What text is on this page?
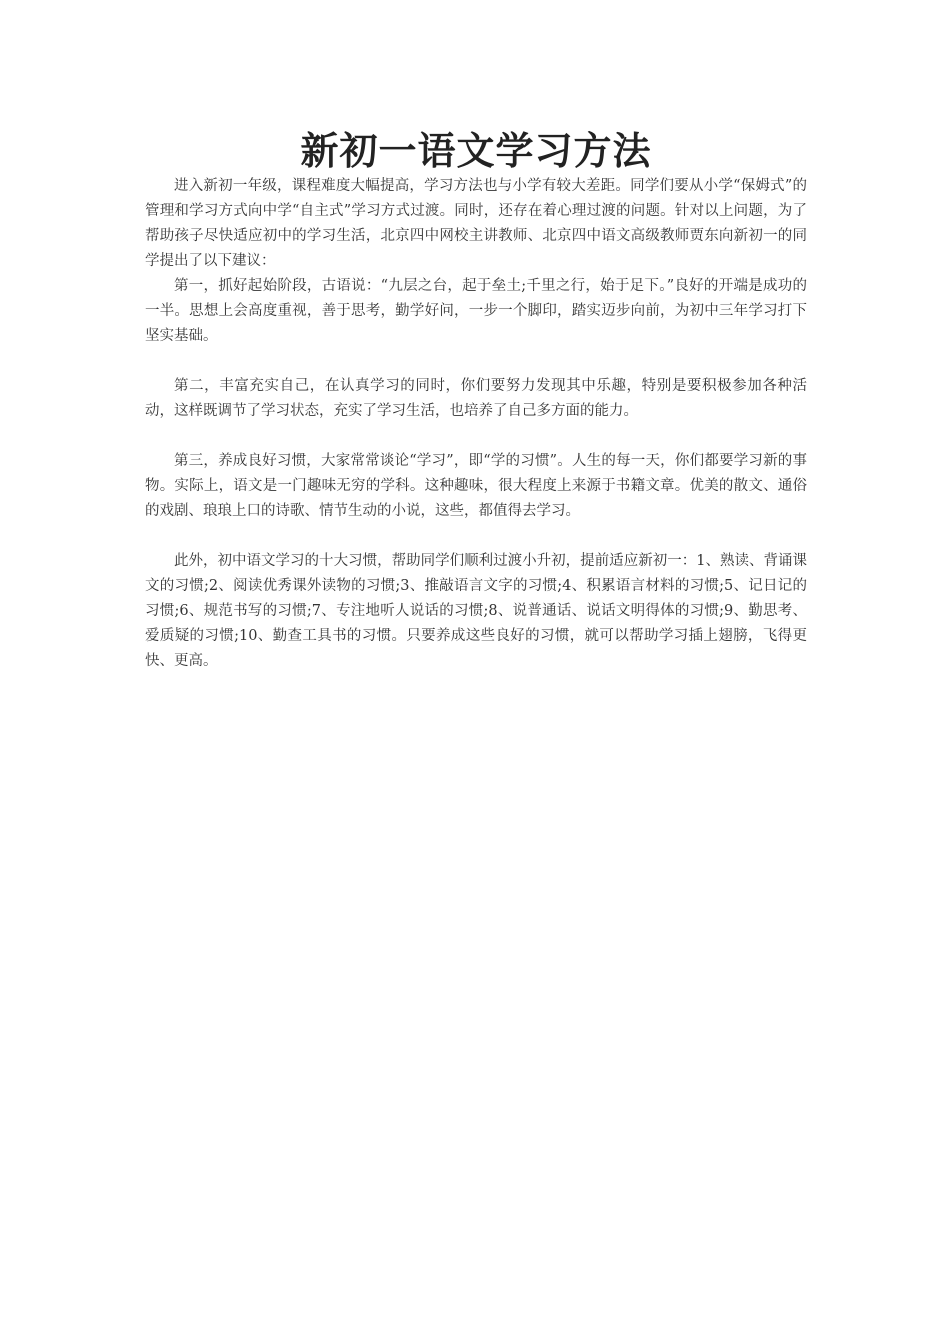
新初一语文学习方法

进入新初一年级，课程难度大幅提高，学习方法也与小学有较大差距。同学们要从小学“保姆式”的管理和学习方式向中学“自主式”学习方式过渡。同时，还存在着心理过渡的问题。针对以上问题，为了帮助孩子尽快适应初中的学习生活，北京四中网校主讲教师、北京四中语文高级教师贾东向新初一的同学提出了以下建议：

第一，抓好起始阶段，古语说：“九层之台，起于垒土;千里之行，始于足下。”良好的开端是成功的一半。思想上会高度重视，善于思考，勤学好问，一步一个脚印，踏实迈步向前，为初中三年学习打下坚实基础。

第二，丰富充实自己，在认真学习的同时，你们要努力发现其中乐趣，特别是要积极参加各种活动，这样既调节了学习状态，充实了学习生活，也培养了自己多方面的能力。

第三，养成良好习惯，大家常常谈论“学习”，即“学的习惯”。人生的每一天，你们都要学习新的事物。实际上，语文是一门趣味无穷的学科。这种趣味，很大程度上来源于书籍文章。优美的散文、通俗的戏剧、琅琅上口的诗歌、情节生动的小说，这些，都值得去学习。

此外，初中语文学习的十大习惯，帮助同学们顺利过渡小升初，提前适应新初一：1、熟读、背诵课文的习惯;2、阅读优秀课外读物的习惯;3、推敲语言文字的习惯;4、积累语言材料的习惯;5、记日记的习惯;6、规范书写的习惯;7、专注地听人说话的习惯;8、说普通话、说话文明得体的习惯;9、勤思考、爱质疑的习惯;10、勤查工具书的习惯。只要养成这些良好的习惯，就可以帮助学习插上翅膀，飞得更快、更高。
